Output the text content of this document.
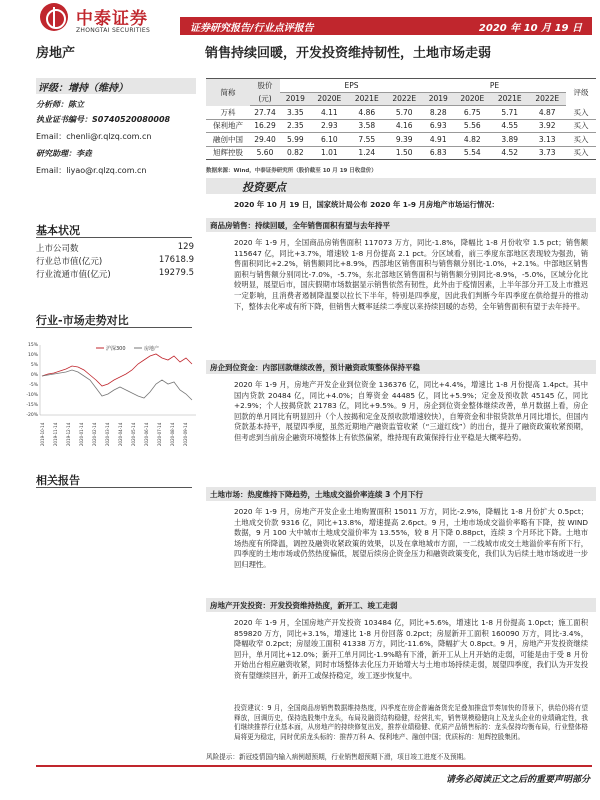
中泰证券
ZHONGTAI SECURITIES	证券研究报告/行业点评报告	2020 年 10 月 19 日
房地产	销售持续回暖，开发投资维持韧性，土地市场走弱
评级：增持（维持）
分析师：陈立
执业证书编号：S0740520080008
Email：chenli@r.qlzq.com.cn
研究助理：李垚
Email：liyao@r.qlzq.com.cn
基本状况
上市公司数	129
行业总市值(亿元)	17618.9
行业流通市值(亿元)	19279.5
行业-市场走势对比
15%
10%
5%
0%
-5%
-10%
-15%
-20%
沪深300	房地产
2019-10-14 2019-11-14 2019-12-14 2020-01-14 2020-02-14 2020-03-14 2020-04-14 2020-05-14 2020-06-14 2020-07-14 2020-08-14 2020-09-14
相关报告
简称	股价	EPS				PE				评级
	(元)	2019	2020E	2021E	2022E	2019	2020E	2021E	2022E	
万科	27.74	3.35	4.11	4.86	5.70	8.28	6.75	5.71	4.87	买入
保利地产	16.29	2.35	2.93	3.58	4.16	6.93	5.56	4.55	3.92	买入
融创中国	29.40	5.99	6.10	7.55	9.39	4.91	4.82	3.89	3.13	买入
旭辉控股	5.60	0.82	1.01	1.24	1.50	6.83	5.54	4.52	3.73	买入
数据来源：Wind，中泰证券研究所（股价截至 10 月 19 日收盘价）
投资要点
2020 年 10 月 19 日，国家统计局公布 2020 年 1-9 月房地产市场运行情况：
商品房销售：持续回暖，全年销售面积有望与去年持平
2020 年 1-9 月，全国商品房销售面积 117073 万方，同比-1.8%，降幅比 1-8 月份收窄 1.5 pct；销售额 115647 亿，同比+3.7%，增速较 1-8 月份提高 2.1 pct。分区域看，前三季度东部地区表现较为强劲，销售面积同比+2.2%，销售额同比+8.9%，西部地区销售面积与销售额分别比-1.0%，+2.1%。中部地区销售面积与销售额分别同比-7.0%，-5.7%，东北部地区销售面积与销售额分别同比-8.9%，-5.0%，区域分化比较明显，展望后市，国庆假期市场数据显示销售依然有韧性，此外由于疫情因素，上半年部分开工及上市推迟一定影响，且消费者遏制降温要以拉长下半年，特别是四季度，因此我们判断今年四季度在供给提升的推动下，整体去化率或有所下降，但销售大概率延续二季度以来持续回暖的态势，全年销售面积有望于去年持平。
房企到位资金：内部回款继续改善，预计融资政策整体保持平稳
2020 年 1-9 月，房地产开发企业到位资金 136376 亿，同比+4.4%，增速比 1-8 月份提高 1.4pct。其中国内贷款 20484 亿，同比+4.0%；自筹资金 44485 亿，同比+5.9%；定金及预收款 45145 亿，同比+2.9%；个人按揭贷款 21783 亿，同比+9.5%。9 月，房企到位资金整体继续改善，单月数据上看，房企回款的单月同比有明显回升（个人按揭和定金及预收款增速较快），自筹资金和非银贷款单月同比增长，但国内贷款基本持平，展望四季度，虽然近期地产融资监管收紧（“三道红线”）的出台，提升了融资政策收紧预期，但考虑到当前房企融资环境整体上有依然偏紧，维持现有政策保持行业平稳是大概率趋势。
土地市场：热度维持下降趋势，土地成交溢价率连续 3 个月下行
2020 年 1-9 月，房地产开发企业土地购置面积 15011 万方，同比-2.9%，降幅比 1-8 月份扩大 0.5pct；土地成交价款 9316 亿，同比+13.8%，增速提高 2.6pct。9 月，土地市场成交溢价率略有下降，按 WIND 数据，9 月 100 大中城市土地成交溢价率为 13.55%，较 8 月下降 0.88pct，连续 3 个月环比下降。土地市场热度有所降温，调控及融资收紧政策的效果，以及在拿地城市方面，一二线城市成交土地溢价率有所下行，四季度的土地市场或仍然热度偏低，展望后续房企资金压力和融资政策变化，我们认为后续土地市场或进一步回归理性。
房地产开发投资：开发投资维持热度，新开工、竣工走弱
2020 年 1-9 月，全国房地产开发投资 103484 亿，同比+5.6%，增速比 1-8 月份提高 1.0pct；施工面积 859820 万方，同比+3.1%，增速比 1-8 月份回落 0.2pct；房屋新开工面积 160090 万方，同比-3.4%，降幅收窄 0.2pct；房屋竣工面积 41338 万方，同比-11.6%，降幅扩大 0.8pct。9 月，房地产开发投资继续回升，单月同比+12.0%；新开工单月同比-1.9%略有下滑，新开工从上月开始的走弱，可能是由于受 8 月份开始出台相应融资收紧，同时市场整体去化压力开始增大与土地市场持续走弱，展望四季度，我们认为开发投资有望继续回升，新开工或保持稳定，竣工逐步恢复中。
投资建议：9 月，全国商品房销售数据维持热度，四季度在房企普遍备货充足叠加推盘节奏加快的背景下，供给仍将有望释放，回调历史，保持选股集中龙头，布局及融资结构稳健，经营扎实，销售规模稳健向上及龙头企业的业绩确定性，我们继续推荐行业基本面，从房地产的持续修复出发，推荐业绩稳健、优质产品销售标的：龙头保持均衡布局，行业整体格局将更为稳定，同时优质龙头标的：推荐万科 A、保利地产、融创中国；优质标的：旭辉控股集团。
风险提示：新冠疫情国内输入病例超预期，行业销售超预期下滑，项目竣工进度不及预期。
请务必阅读正文之后的重要声明部分
